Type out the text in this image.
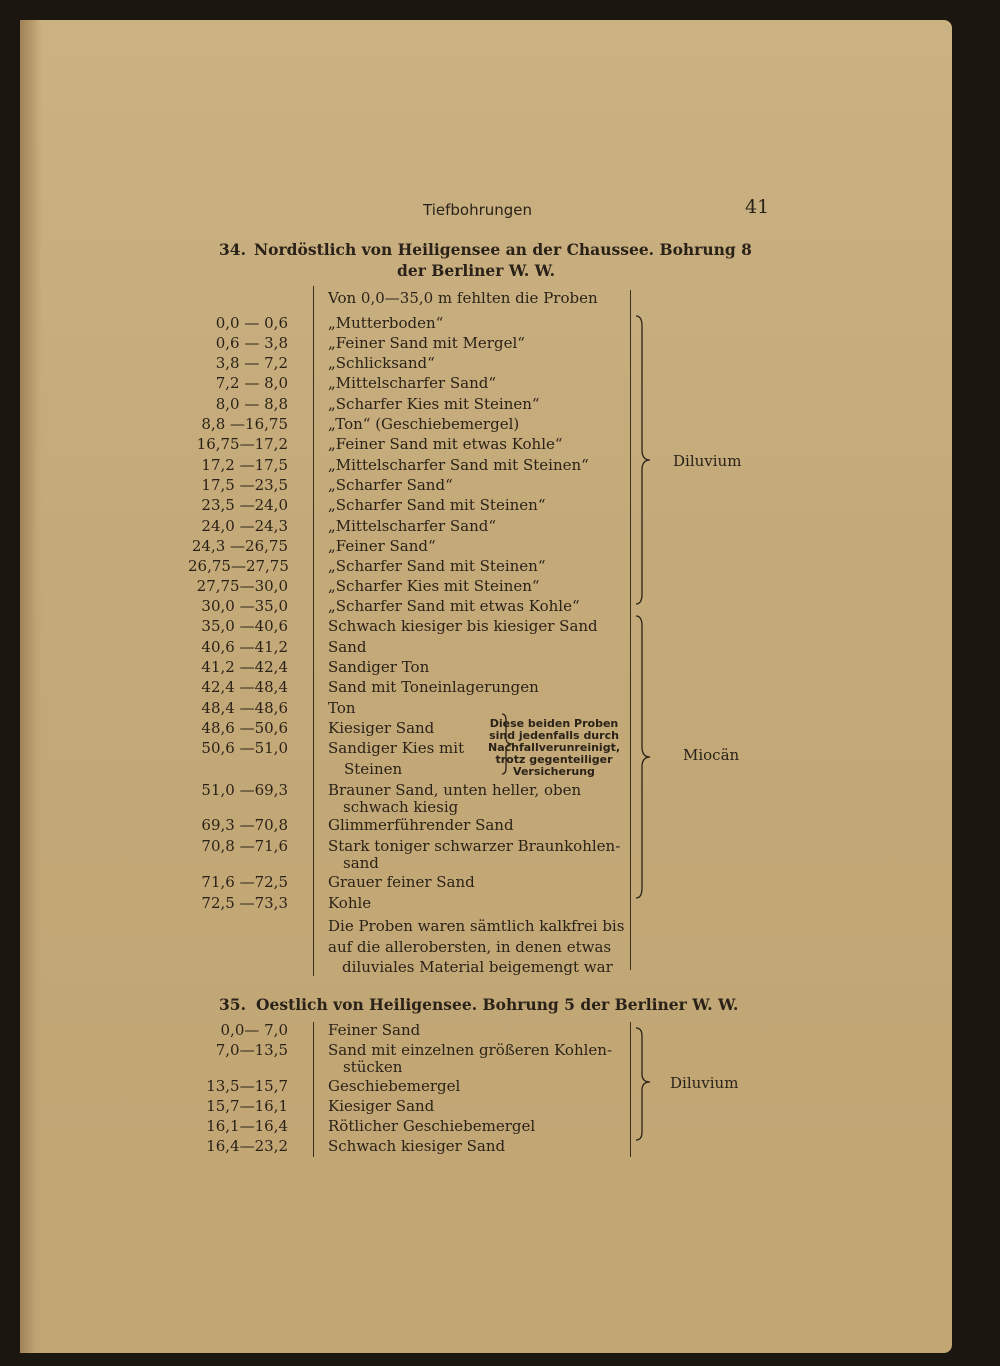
Tiefbohrungen	41
34. Nordöstlich von Heiligensee an der Chaussee. Bohrung 8
der Berliner W. W.
Von 0,0—35,0 m fehlten die Proben
0,0 — 0,6	„Mutterboden“
0,6 — 3,8	„Feiner Sand mit Mergel“
3,8 — 7,2	„Schlicksand“
7,2 — 8,0	„Mittelscharfer Sand“
8,0 — 8,8	„Scharfer Kies mit Steinen“
8,8 —16,75	„Ton“ (Geschiebemergel)
16,75—17,2	„Feiner Sand mit etwas Kohle“
17,2 —17,5	„Mittelscharfer Sand mit Steinen“
17,5 —23,5	„Scharfer Sand“
23,5 —24,0	„Scharfer Sand mit Steinen“
24,0 —24,3	„Mittelscharfer Sand“
24,3 —26,75	„Feiner Sand“
26,75—27,75	„Scharfer Sand mit Steinen“
27,75—30,0	„Scharfer Kies mit Steinen“
30,0 —35,0	„Scharfer Sand mit etwas Kohle“
35,0 —40,6	Schwach kiesiger bis kiesiger Sand
40,6 —41,2	Sand
41,2 —42,4	Sandiger Ton
42,4 —48,4	Sand mit Toneinlagerungen
48,4 —48,6	Ton
48,6 —50,6	Kiesiger Sand
50,6 —51,0	Sandiger Kies mit
Steinen
51,0 —69,3	Brauner Sand, unten heller, oben
schwach kiesig
69,3 —70,8	Glimmerführender Sand
70,8 —71,6	Stark toniger schwarzer Braunkohlen-
sand
71,6 —72,5	Grauer feiner Sand
72,5 —73,3	Kohle
Diese beiden Proben sind jedenfalls durch Nachfallverunreinigt, trotz gegenteiliger Versicherung
Die Proben waren sämtlich kalkfrei bis
auf die allerobersten, in denen etwas
diluviales Material beigemengt war
Diluvium
Miocän
35. Oestlich von Heiligensee. Bohrung 5 der Berliner W. W.
0,0— 7,0	Feiner Sand
7,0—13,5	Sand mit einzelnen größeren Kohlen-
stücken
13,5—15,7	Geschiebemergel
15,7—16,1	Kiesiger Sand
16,1—16,4	Rötlicher Geschiebemergel
16,4—23,2	Schwach kiesiger Sand
Diluvium
